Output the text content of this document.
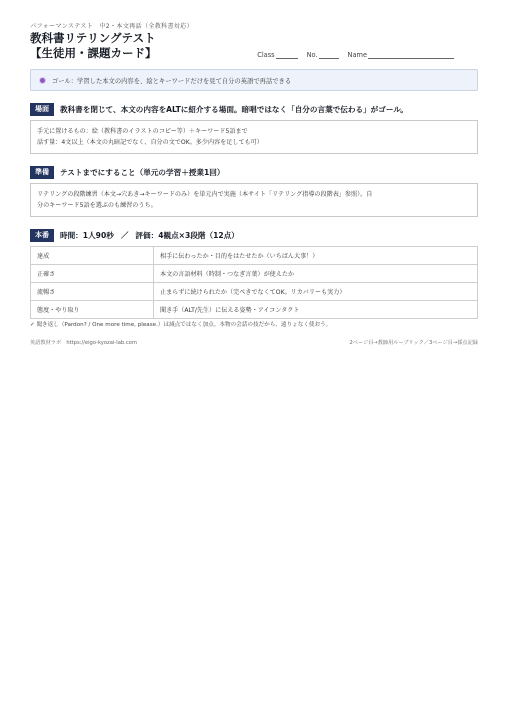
パフォーマンステスト　中2・本文再話（全教科書対応）
教科書リテリングテスト
【生徒用・課題カード】	Class	No.	Name
ゴール：学習した本文の内容を、絵とキーワードだけを見て自分の英語で再話できる
場面	教科書を閉じて、本文の内容をALTに紹介する場面。暗唱ではなく「自分の言葉で伝わる」がゴール。
手元に置けるもの：絵（教科書のイラストのコピー等）＋キーワード5語まで
話す量：4文以上（本文の丸暗記でなく、自分の文でOK。多少内容を足しても可）
準備	テストまでにすること（単元の学習＋授業1回）
リテリングの段階練習（本文→穴あき→キーワードのみ）を単元内で実施（本サイト「リテリング指導の段階表」参照）。自
分のキーワード5語を選ぶのも練習のうち。
本番	時間：1人90秒 ／ 評価：4観点×3段階（12点）
達成	相手に伝わったか・目的をはたせたか（いちばん大事！）
正確さ	本文の言語材料（時制・つなぎ言葉）が使えたか
流暢さ	止まらずに続けられたか（完ぺきでなくてOK。リカバリーも実力）
態度・やり取り	聞き手（ALT/先生）に伝える姿勢・アイコンタクト
✓ 聞き返し（Pardon? / One more time, please.）は減点ではなく加点。本物の会話の技だから、遠りょなく使おう。
英語教材ラボ　https://eigo-kyozai-lab.com	2ページ目→教師用ルーブリック／3ページ目→採点記録
